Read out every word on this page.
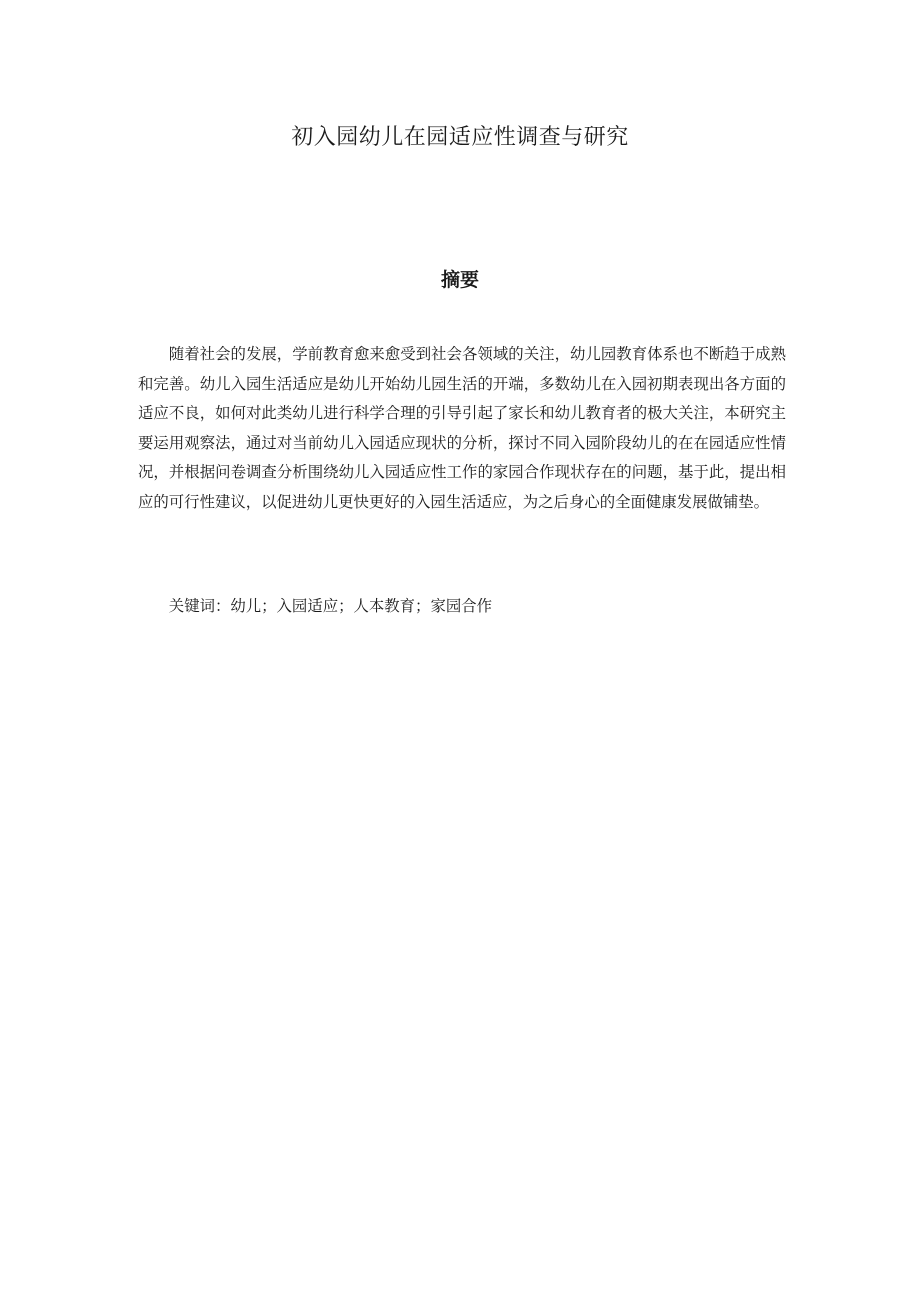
初入园幼儿在园适应性调查与研究
摘要

随着社会的发展，学前教育愈来愈受到社会各领域的关注，幼儿园教育体系也不断趋于成熟和完善。幼儿入园生活适应是幼儿开始幼儿园生活的开端，多数幼儿在入园初期表现出各方面的适应不良，如何对此类幼儿进行科学合理的引导引起了家长和幼儿教育者的极大关注，本研究主要运用观察法，通过对当前幼儿入园适应现状的分析，探讨不同入园阶段幼儿的在在园适应性情况，并根据问卷调查分析围绕幼儿入园适应性工作的家园合作现状存在的问题，基于此，提出相应的可行性建议，以促进幼儿更快更好的入园生活适应，为之后身心的全面健康发展做铺垫。

关键词：幼儿；入园适应；人本教育；家园合作
